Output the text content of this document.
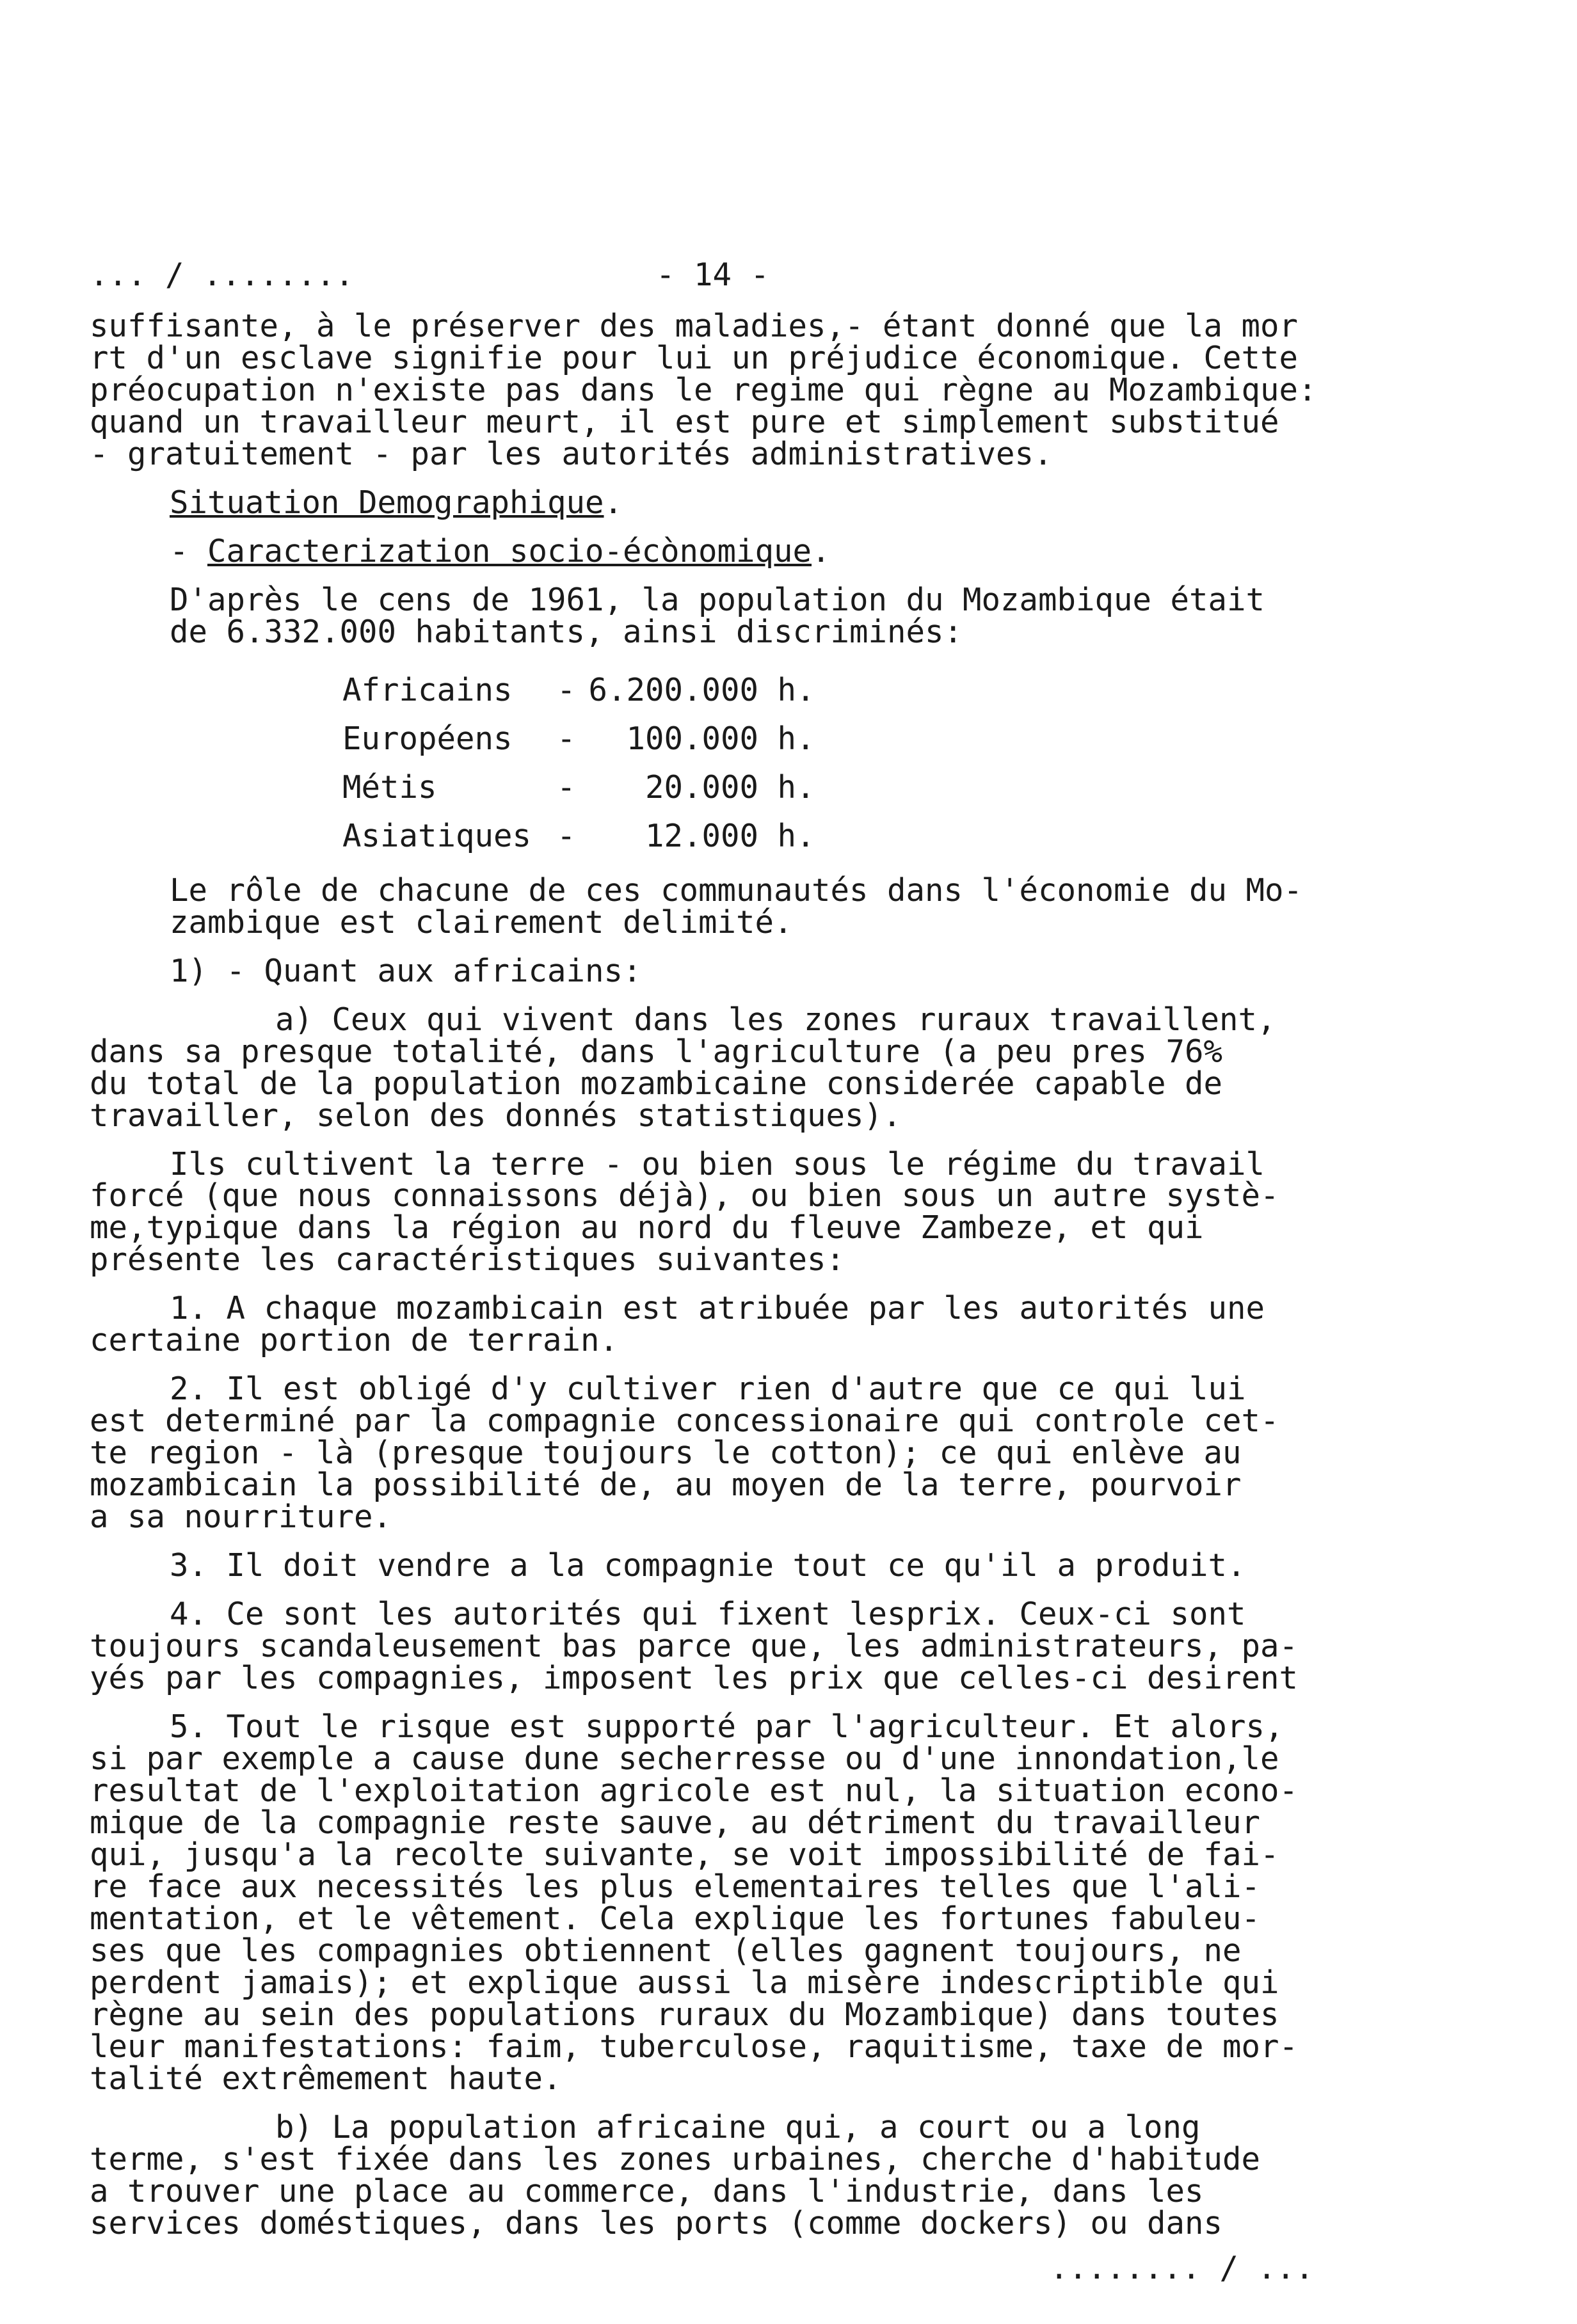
... / ........	- 14 -

suffisante, à le préserver des maladies,- étant donné que la mor
rt d'un esclave signifie pour lui un préjudice économique. Cette
préocupation n'existe pas dans le regime qui règne au Mozambique:
quand un travailleur meurt, il est pure et simplement substitué
- gratuitement - par les autorités administratives.

Situation Demographique.

- Caracterization socio-écònomique.

D'après le cens de 1961, la population du Mozambique était
de 6.332.000 habitants, ainsi discriminés:

Africains	-	6.200.000 h.
Européens	-	100.000 h.
Métis	-	20.000 h.
Asiatiques	-	12.000 h.

Le rôle de chacune de ces communautés dans l'économie du Mo-
zambique est clairement delimité.

1) - Quant aux africains:

a) Ceux qui vivent dans les zones ruraux travaillent,

dans sa presque totalité, dans l'agriculture (a peu pres 76%
du total de la population mozambicaine considerée capable de
travailler, selon des donnés statistiques).

Ils cultivent la terre - ou bien sous le régime du travail

forcé (que nous connaissons déjà), ou bien sous un autre systè-
me,typique dans la région au nord du fleuve Zambeze, et qui
présente les caractéristiques suivantes:

1. A chaque mozambicain est atribuée par les autorités une

certaine portion de terrain.

2. Il est obligé d'y cultiver rien d'autre que ce qui lui

est determiné par la compagnie concessionaire qui controle cet-
te region - là (presque toujours le cotton); ce qui enlève au
mozambicain la possibilité de, au moyen de la terre, pourvoir
a sa nourriture.

3. Il doit vendre a la compagnie tout ce qu'il a produit.

4. Ce sont les autorités qui fixent lesprix. Ceux-ci sont

toujours scandaleusement bas parce que, les administrateurs, pa-
yés par les compagnies, imposent les prix que celles-ci desirent

5. Tout le risque est supporté par l'agriculteur. Et alors,

si par exemple a cause dune secherresse ou d'une innondation,le
resultat de l'exploitation agricole est nul, la situation econo-
mique de la compagnie reste sauve, au détriment du travailleur
qui, jusqu'a la recolte suivante, se voit impossibilité de fai-
re face aux necessités les plus elementaires telles que l'ali-
mentation, et le vêtement. Cela explique les fortunes fabuleu-
ses que les compagnies obtiennent (elles gagnent toujours, ne
perdent jamais); et explique aussi la misère indescriptible qui
règne au sein des populations ruraux du Mozambique) dans toutes
leur manifestations: faim, tuberculose, raquitisme, taxe de mor-
talité extrêmement haute.

b) La population africaine qui, a court ou a long

terme, s'est fixée dans les zones urbaines, cherche d'habitude
a trouver une place au commerce, dans l'industrie, dans les
services doméstiques, dans les ports (comme dockers) ou dans

........ / ...
